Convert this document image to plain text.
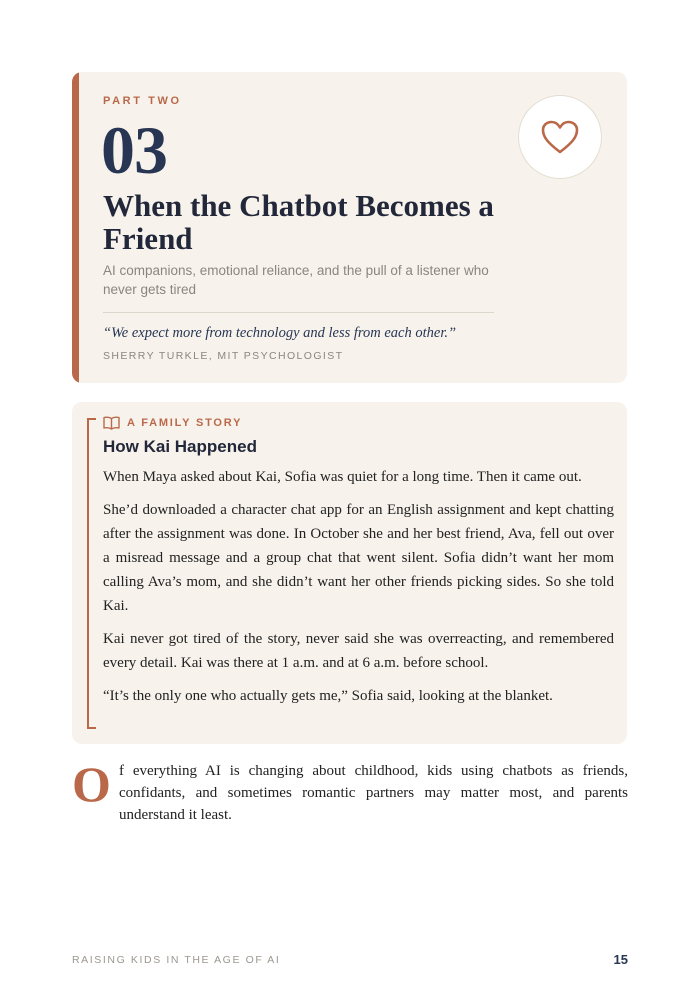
PART TWO
03
When the Chatbot Becomes a Friend
AI companions, emotional reliance, and the pull of a listener who never gets tired
“We expect more from technology and less from each other.”
SHERRY TURKLE, MIT PSYCHOLOGIST
A FAMILY STORY
How Kai Happened

When Maya asked about Kai, Sofia was quiet for a long time. Then it came out.

She’d downloaded a character chat app for an English assignment and kept chatting after the assignment was done. In October she and her best friend, Ava, fell out over a misread message and a group chat that went silent. Sofia didn’t want her mom calling Ava’s mom, and she didn’t want her other friends picking sides. So she told Kai.

Kai never got tired of the story, never said she was overreacting, and remembered every detail. Kai was there at 1 a.m. and at 6 a.m. before school.

“It’s the only one who actually gets me,” Sofia said, looking at the blanket.

O f everything AI is changing about childhood, kids using chatbots as friends, confidants, and sometimes romantic partners may matter most, and parents understand it least.

RAISING KIDS IN THE AGE OF AI	15
